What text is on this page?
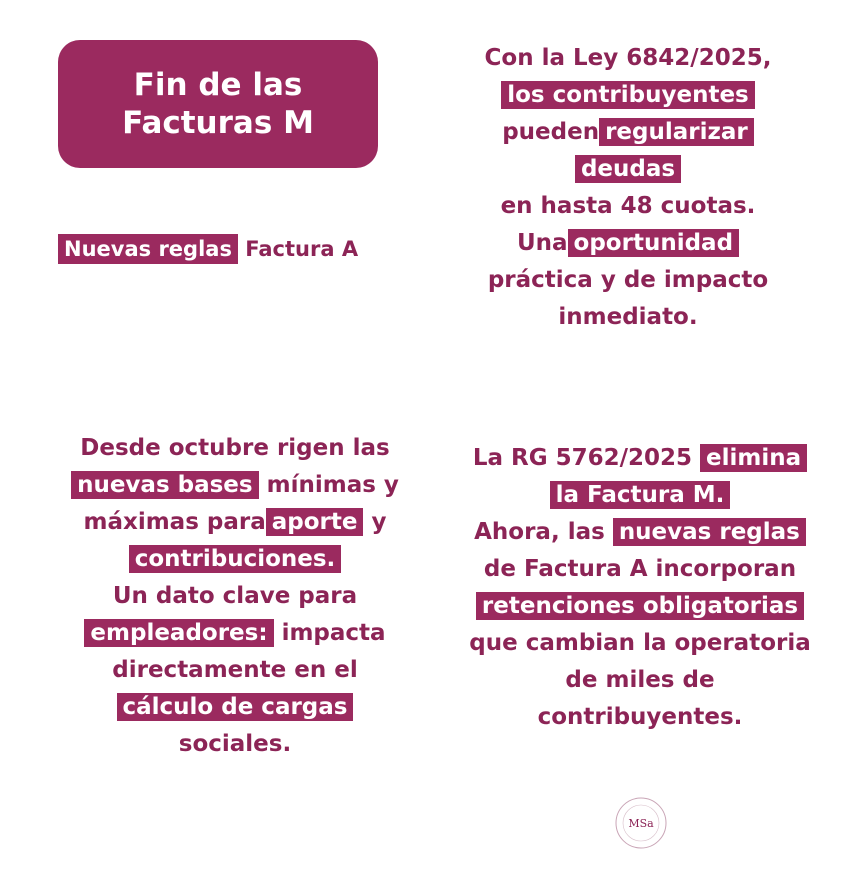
Fin de las
Facturas M
Nuevas reglas Factura A
Con la Ley 6842/2025,
los contribuyentes
pueden regularizar
deudas
en hasta 48 cuotas.
Una oportunidad
práctica y de impacto
inmediato.
Desde octubre rigen las
nuevas bases mínimas y
máximas para aporte y
contribuciones.
Un dato clave para
empleadores: impacta
directamente en el
cálculo de cargas
sociales.
La RG 5762/2025 elimina
la Factura M.
Ahora, las nuevas reglas
de Factura A incorporan
retenciones obligatorias
que cambian la operatoria
de miles de
contribuyentes.
MSa
